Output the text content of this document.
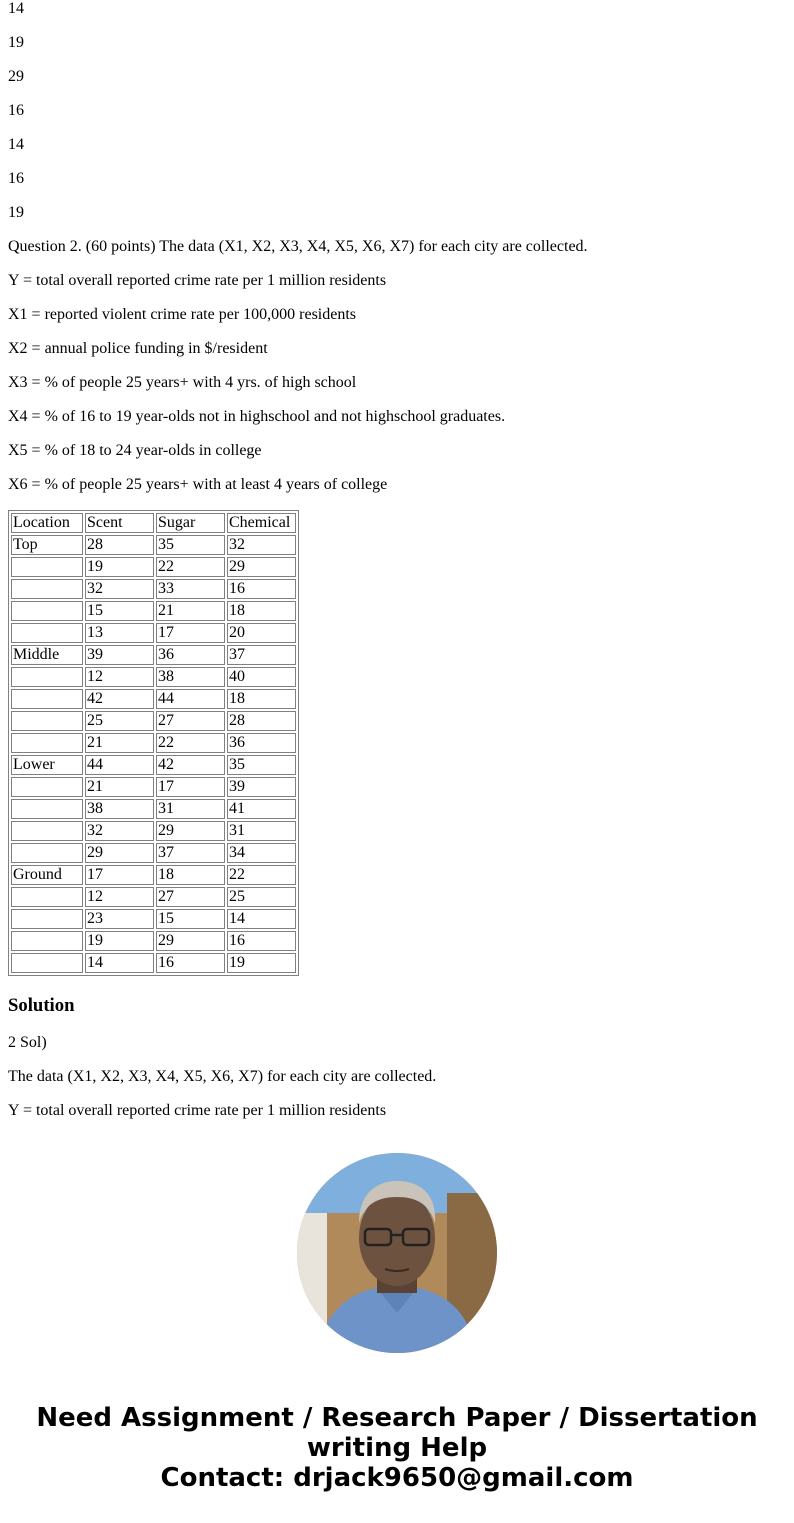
14

19

29

16

14

16

19

Question 2. (60 points) The data (X1, X2, X3, X4, X5, X6, X7) for each city are collected.

Y = total overall reported crime rate per 1 million residents

X1 = reported violent crime rate per 100,000 residents

X2 = annual police funding in $/resident

X3 = % of people 25 years+ with 4 yrs. of high school

X4 = % of 16 to 19 year-olds not in highschool and not highschool graduates.

X5 = % of 18 to 24 year-olds in college

X6 = % of people 25 years+ with at least 4 years of college

Location	Scent	Sugar	Chemical
Top	28	35	32
	19	22	29
	32	33	16
	15	21	18
	13	17	20
Middle	39	36	37
	12	38	40
	42	44	18
	25	27	28
	21	22	36
Lower	44	42	35
	21	17	39
	38	31	41
	32	29	31
	29	37	34
Ground	17	18	22
	12	27	25
	23	15	14
	19	29	16
	14	16	19
Solution

2 Sol)

The data (X1, X2, X3, X4, X5, X6, X7) for each city are collected.

Y = total overall reported crime rate per 1 million residents

Need Assignment / Research Paper / Dissertation
writing Help
Contact: drjack9650@gmail.com
